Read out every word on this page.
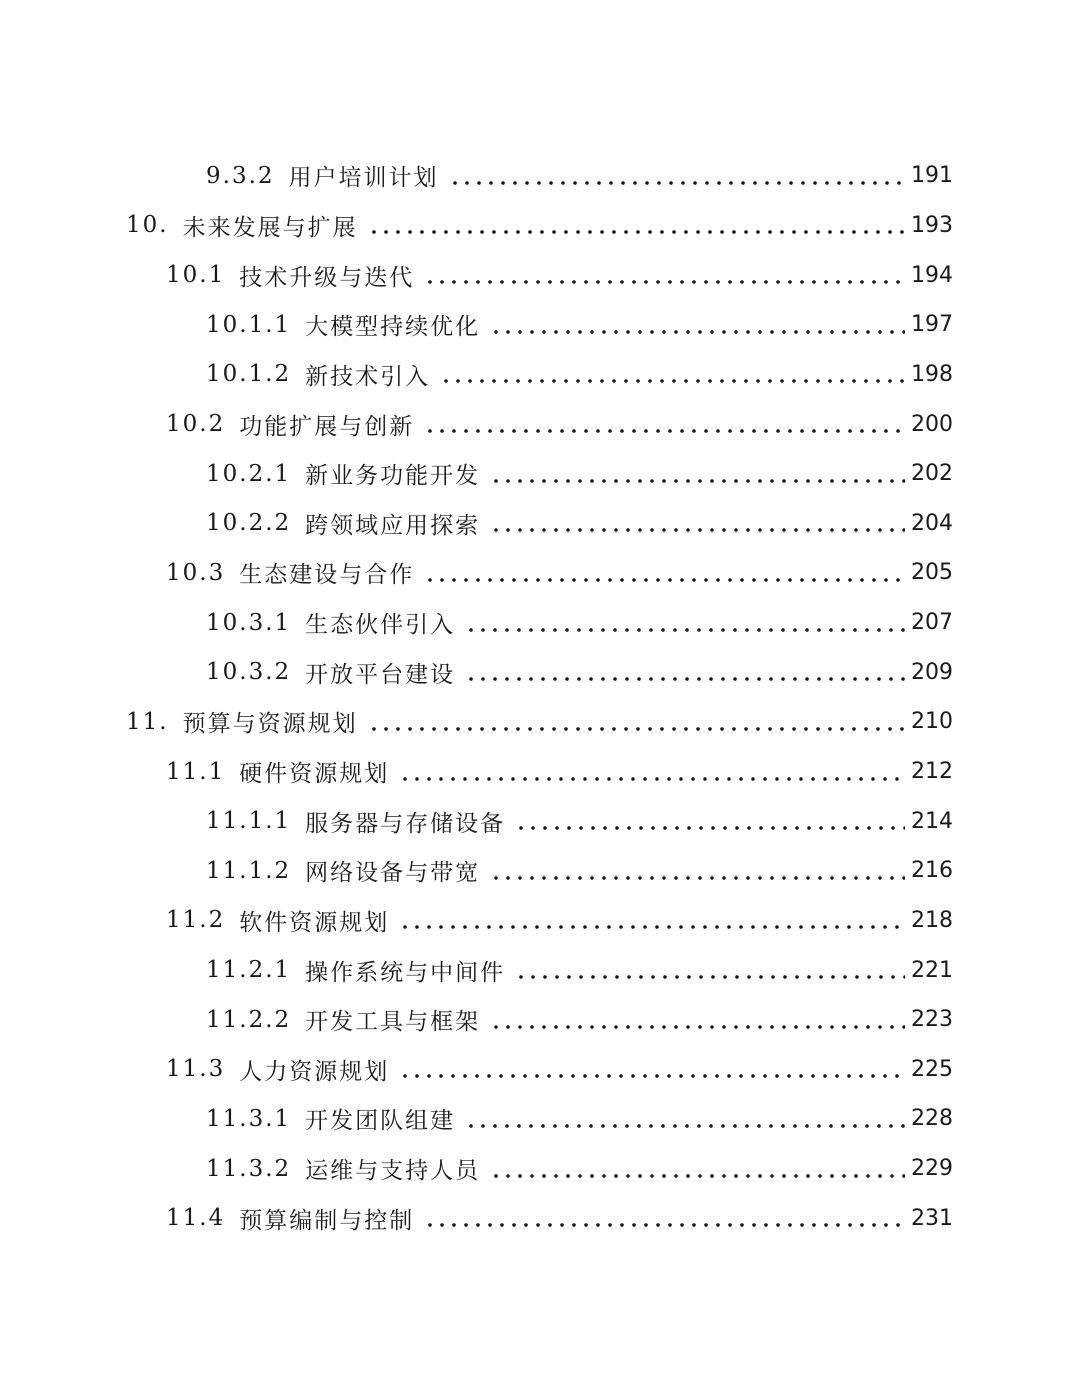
9.3.2 用户培训计划	191
10. 未来发展与扩展	193
10.1 技术升级与迭代	194
10.1.1 大模型持续优化	197
10.1.2 新技术引入	198
10.2 功能扩展与创新	200
10.2.1 新业务功能开发	202
10.2.2 跨领域应用探索	204
10.3 生态建设与合作	205
10.3.1 生态伙伴引入	207
10.3.2 开放平台建设	209
11. 预算与资源规划	210
11.1 硬件资源规划	212
11.1.1 服务器与存储设备	214
11.1.2 网络设备与带宽	216
11.2 软件资源规划	218
11.2.1 操作系统与中间件	221
11.2.2 开发工具与框架	223
11.3 人力资源规划	225
11.3.1 开发团队组建	228
11.3.2 运维与支持人员	229
11.4 预算编制与控制	231
